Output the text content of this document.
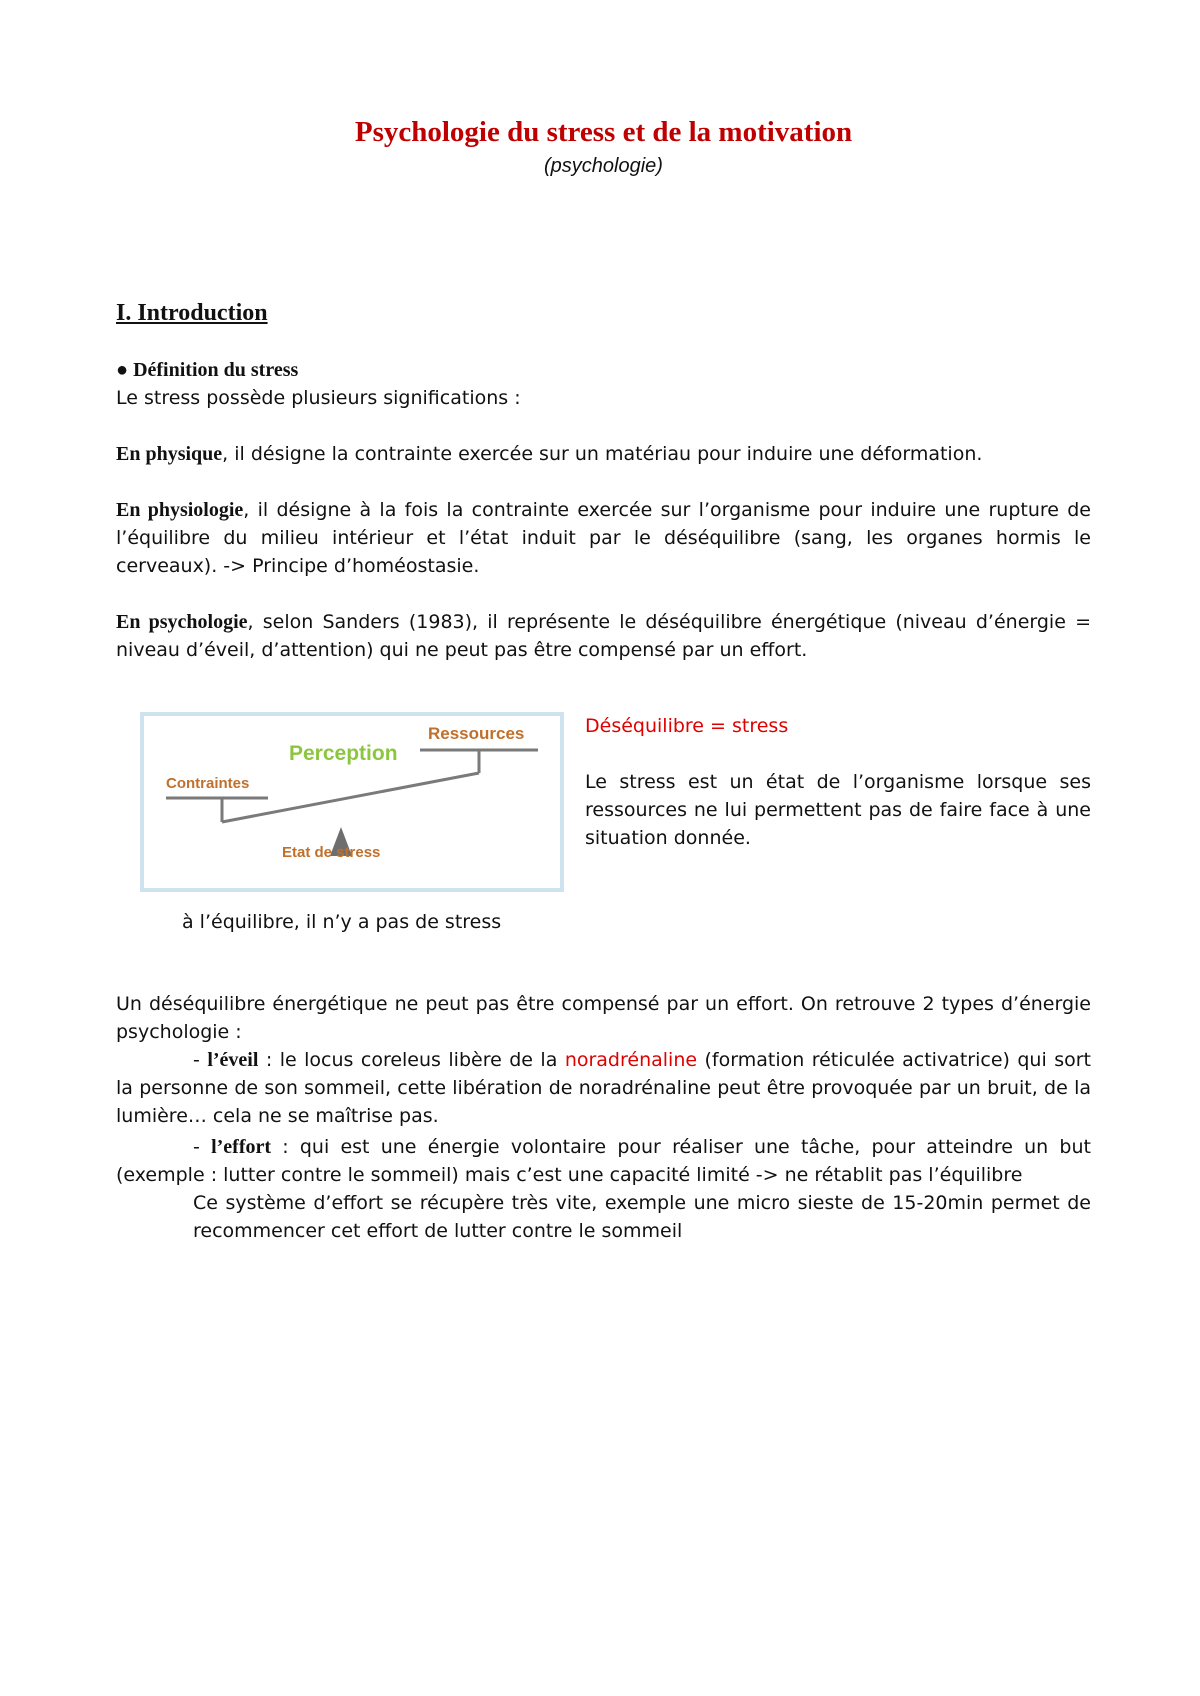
Psychologie du stress et de la motivation
(psychologie)
I. Introduction
● Définition du stress
Le stress possède plusieurs significations :
En physique, il désigne la contrainte exercée sur un matériau pour induire une déformation.
En physiologie, il désigne à la fois la contrainte exercée sur l’organisme pour induire une rupture de l’équilibre du milieu intérieur et l’état induit par le déséquilibre (sang, les organes hormis le cerveaux). -> Principe d’homéostasie.
En psychologie, selon Sanders (1983), il représente le déséquilibre énergétique (niveau d’énergie = niveau d’éveil, d’attention) qui ne peut pas être compensé par un effort.
Ressources
Perception
Contraintes
Etat de stress
à l’équilibre, il n’y a pas de stress
Déséquilibre = stress
Le stress est un état de l’organisme lorsque ses ressources ne lui permettent pas de faire face à une situation donnée.
Un déséquilibre énergétique ne peut pas être compensé par un effort. On retrouve 2 types d’énergie psychologie :
- l’éveil : le locus coreleus libère de la noradrénaline (formation réticulée activatrice) qui sort la personne de son sommeil, cette libération de noradrénaline peut être provoquée par un bruit, de la lumière… cela ne se maîtrise pas.
- l’effort : qui est une énergie volontaire pour réaliser une tâche, pour atteindre un but (exemple : lutter contre le sommeil) mais c’est une capacité limité -> ne rétablit pas l’équilibre
Ce système d’effort se récupère très vite, exemple une micro sieste de 15-20min permet de recommencer cet effort de lutter contre le sommeil
